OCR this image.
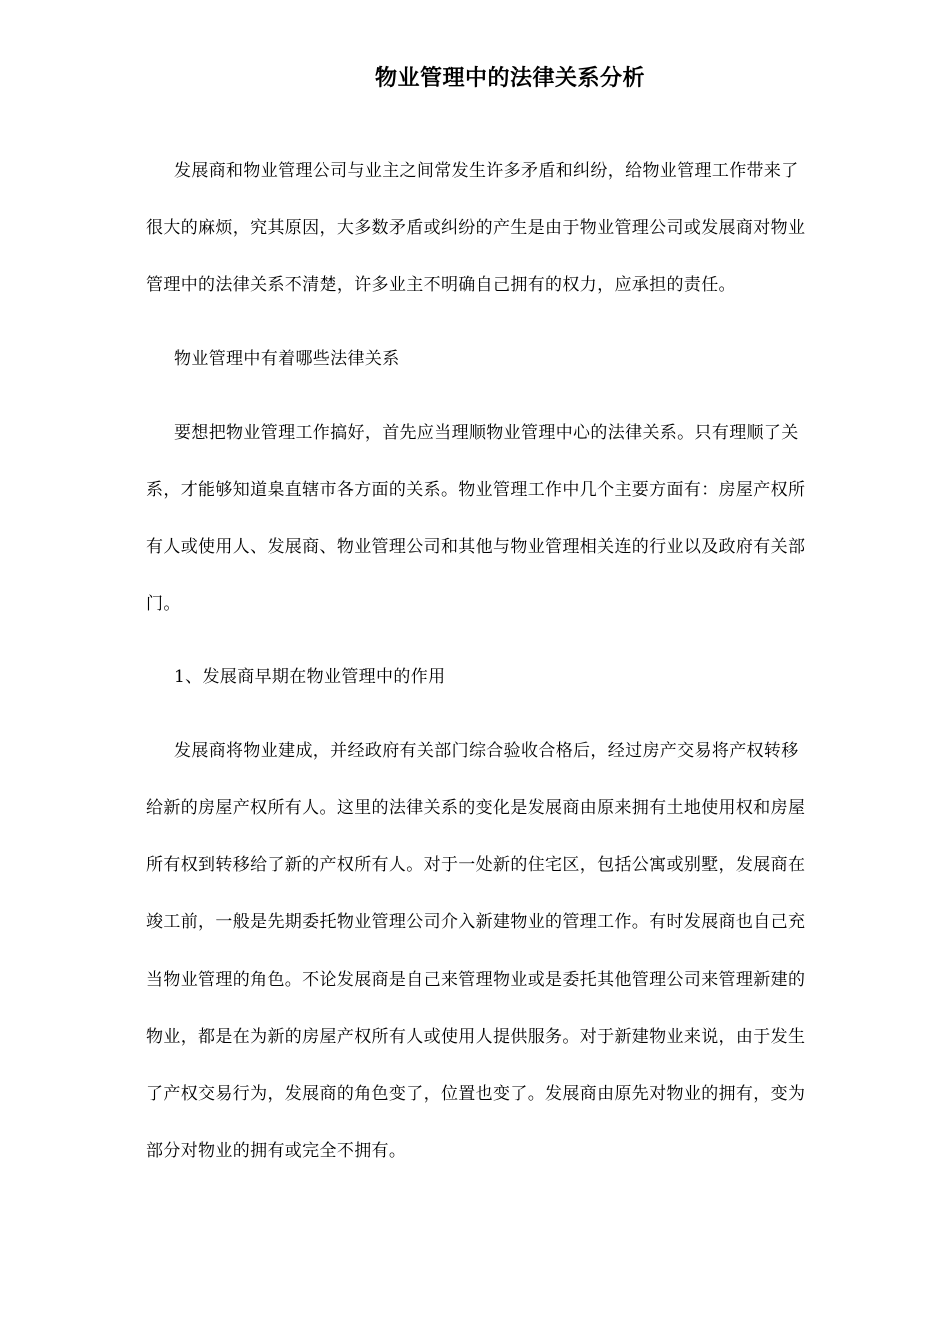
物业管理中的法律关系分析
发展商和物业管理公司与业主之间常发生许多矛盾和纠纷，给物业管理工作带来了
很大的麻烦，究其原因，大多数矛盾或纠纷的产生是由于物业管理公司或发展商对物业
管理中的法律关系不清楚，许多业主不明确自己拥有的权力，应承担的责任。
物业管理中有着哪些法律关系
要想把物业管理工作搞好，首先应当理顺物业管理中心的法律关系。只有理顺了关
系，才能够知道臬直辖市各方面的关系。物业管理工作中几个主要方面有：房屋产权所
有人或使用人、发展商、物业管理公司和其他与物业管理相关连的行业以及政府有关部
门。
1、发展商早期在物业管理中的作用
发展商将物业建成，并经政府有关部门综合验收合格后，经过房产交易将产权转移
给新的房屋产权所有人。这里的法律关系的变化是发展商由原来拥有土地使用权和房屋
所有权到转移给了新的产权所有人。对于一处新的住宅区，包括公寓或别墅，发展商在
竣工前，一般是先期委托物业管理公司介入新建物业的管理工作。有时发展商也自己充
当物业管理的角色。不论发展商是自己来管理物业或是委托其他管理公司来管理新建的
物业，都是在为新的房屋产权所有人或使用人提供服务。对于新建物业来说，由于发生
了产权交易行为，发展商的角色变了，位置也变了。发展商由原先对物业的拥有，变为
部分对物业的拥有或完全不拥有。
